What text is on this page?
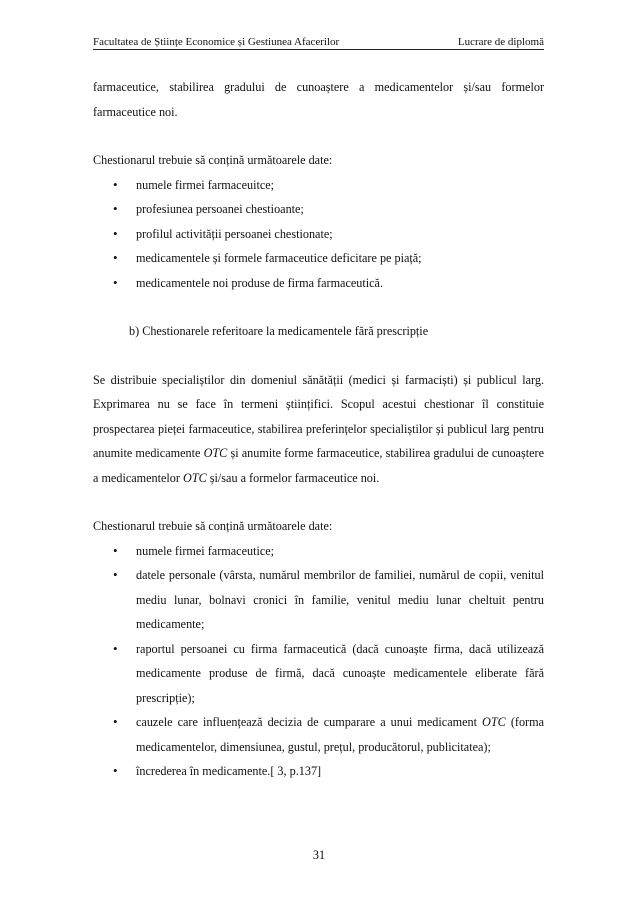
Facultatea de Științe Economice și Gestiunea Afacerilor	Lucrare de diplomă

farmaceutice, stabilirea gradului de cunoaștere a medicamentelor și/sau formelor farmaceutice noi.

Chestionarul trebuie să conțină următoarele date:

• numele firmei farmaceuitce;
• profesiunea persoanei chestioante;
• profilul activității persoanei chestionate;
• medicamentele și formele farmaceutice deficitare pe piață;
• medicamentele noi produse de firma farmaceutică.

b) Chestionarele referitoare la medicamentele fără prescripție

Se distribuie specialiștilor din domeniul sănătății (medici și farmaciști) și publicul larg. Exprimarea nu se face în termeni științifici. Scopul acestui chestionar îl constituie prospectarea pieței farmaceutice, stabilirea preferințelor specialiștilor și publicul larg pentru anumite medicamente OTC și anumite forme farmaceutice, stabilirea gradului de cunoaștere a medicamentelor OTC și/sau a formelor farmaceutice noi.

Chestionarul trebuie să conțină următoarele date:

• numele firmei farmaceutice;
• datele personale (vârsta, numărul membrilor de familiei, numărul de copii, venitul mediu lunar, bolnavi cronici în familie, venitul mediu lunar cheltuit pentru medicamente;
• raportul persoanei cu firma farmaceutică (dacă cunoaște firma, dacă utilizează medicamente produse de firmă, dacă cunoaște medicamentele eliberate fără prescripție);
• cauzele care influențează decizia de cumparare a unui medicament OTC (forma medicamentelor, dimensiunea, gustul, prețul, producătorul, publicitatea);
• încrederea în medicamente.[ 3, p.137]
31
